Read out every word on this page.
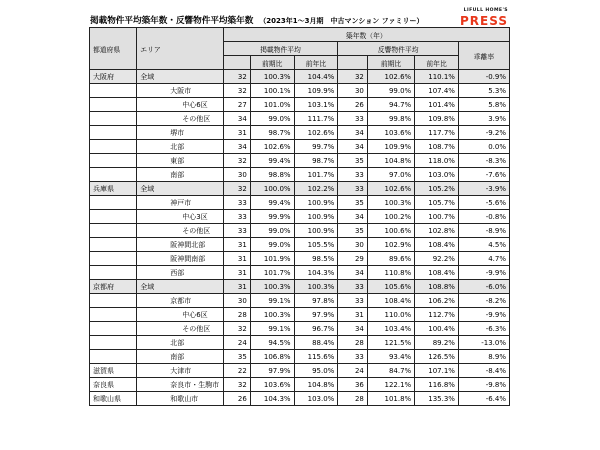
掲載物件平均築年数・反響物件平均築年数 （2023年1～3月期　中古マンション ファミリー）
LIFULL HOME'S
PRESS
都道府県	エリア	築年数（年）						
		掲載物件平均			反響物件平均			乖離率
			前期比	前年比		前期比	前年比	
大阪府	全域	32	100.3%	104.4%	32	102.6%	110.1%	-0.9%
	大阪市	32	100.1%	109.9%	30	99.0%	107.4%	5.3%
	中心6区	27	101.0%	103.1%	26	94.7%	101.4%	5.8%
	その他区	34	99.0%	111.7%	33	99.8%	109.8%	3.9%
	堺市	31	98.7%	102.6%	34	103.6%	117.7%	-9.2%
	北部	34	102.6%	99.7%	34	109.9%	108.7%	0.0%
	東部	32	99.4%	98.7%	35	104.8%	118.0%	-8.3%
	南部	30	98.8%	101.7%	33	97.0%	103.0%	-7.6%
兵庫県	全域	32	100.0%	102.2%	33	102.6%	105.2%	-3.9%
	神戸市	33	99.4%	100.9%	35	100.3%	105.7%	-5.6%
	中心3区	33	99.9%	100.9%	34	100.2%	100.7%	-0.8%
	その他区	33	99.0%	100.9%	35	100.6%	102.8%	-8.9%
	阪神間北部	31	99.0%	105.5%	30	102.9%	108.4%	4.5%
	阪神間南部	31	101.9%	98.5%	29	89.6%	92.2%	4.7%
	西部	31	101.7%	104.3%	34	110.8%	108.4%	-9.9%
京都府	全域	31	100.3%	100.3%	33	105.6%	108.8%	-6.0%
	京都市	30	99.1%	97.8%	33	108.4%	106.2%	-8.2%
	中心6区	28	100.3%	97.9%	31	110.0%	112.7%	-9.9%
	その他区	32	99.1%	96.7%	34	103.4%	100.4%	-6.3%
	北部	24	94.5%	88.4%	28	121.5%	89.2%	-13.0%
	南部	35	106.8%	115.6%	33	93.4%	126.5%	8.9%
滋賀県	大津市	22	97.9%	95.0%	24	84.7%	107.1%	-8.4%
奈良県	奈良市・生駒市	32	103.6%	104.8%	36	122.1%	116.8%	-9.8%
和歌山県	和歌山市	26	104.3%	103.0%	28	101.8%	135.3%	-6.4%
